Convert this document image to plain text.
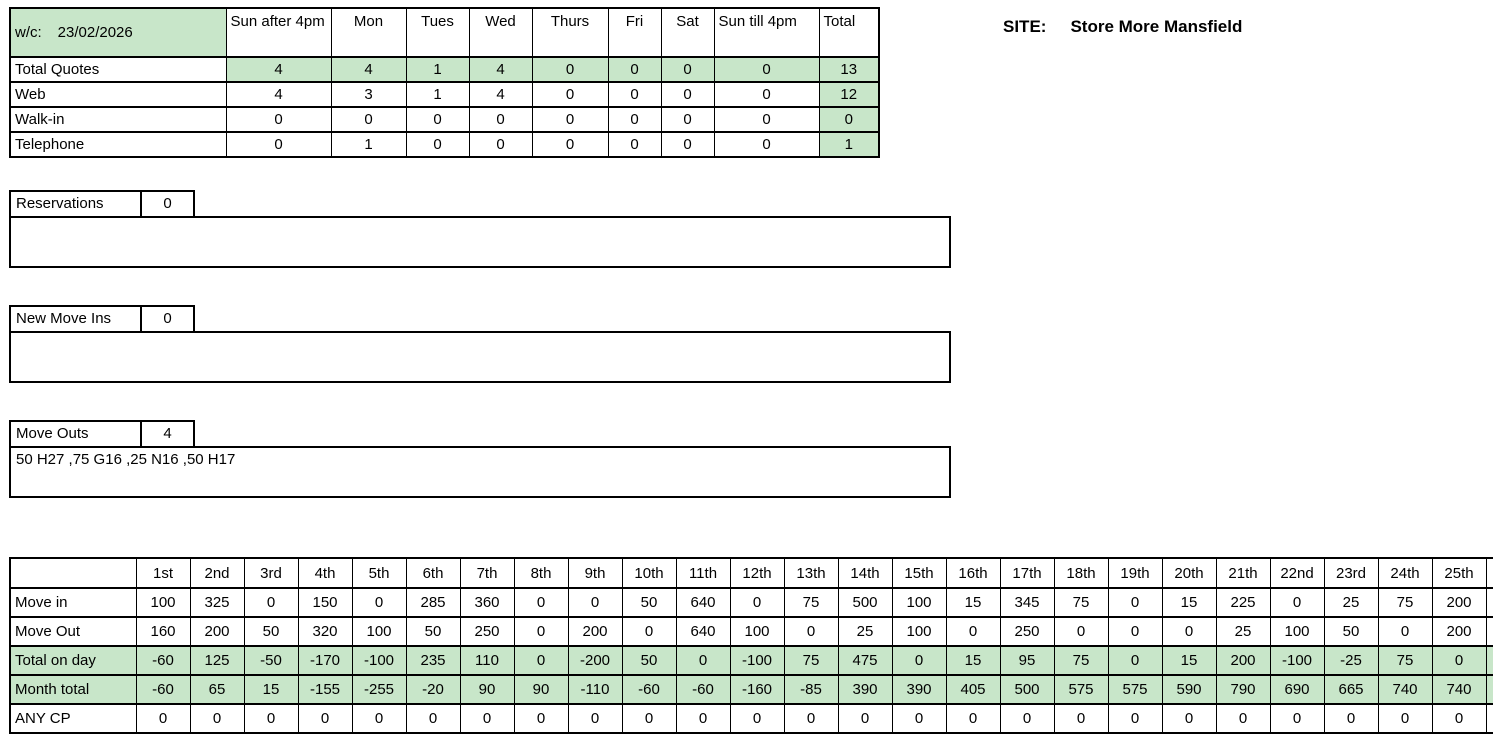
w/c: 23/02/2026	Sun after 4pm	Mon	Tues	Wed	Thurs	Fri	Sat	Sun till 4pm	Total
Total Quotes	4	4	1	4	0	0	0	0	13
Web	4	3	1	4	0	0	0	0	12
Walk-in	0	0	0	0	0	0	0	0	0
Telephone	0	1	0	0	0	0	0	0	1
SITE: Store More Mansfield
Reservations	0
New Move Ins	0
Move Outs	4
50 H27 ,75 G16 ,25 N16 ,50 H17
	1st	2nd	3rd	4th	5th	6th	7th	8th	9th	10th	11th	12th	13th	14th	15th	16th	17th	18th	19th	20th	21th	22nd	23rd	24th	25th	
Move in	100	325	0	150	0	285	360	0	0	50	640	0	75	500	100	15	345	75	0	15	225	0	25	75	200	
Move Out	160	200	50	320	100	50	250	0	200	0	640	100	0	25	100	0	250	0	0	0	25	100	50	0	200	
Total on day	-60	125	-50	-170	-100	235	110	0	-200	50	0	-100	75	475	0	15	95	75	0	15	200	-100	-25	75	0	
Month total	-60	65	15	-155	-255	-20	90	90	-110	-60	-60	-160	-85	390	390	405	500	575	575	590	790	690	665	740	740	
ANY CP	0	0	0	0	0	0	0	0	0	0	0	0	0	0	0	0	0	0	0	0	0	0	0	0	0	
